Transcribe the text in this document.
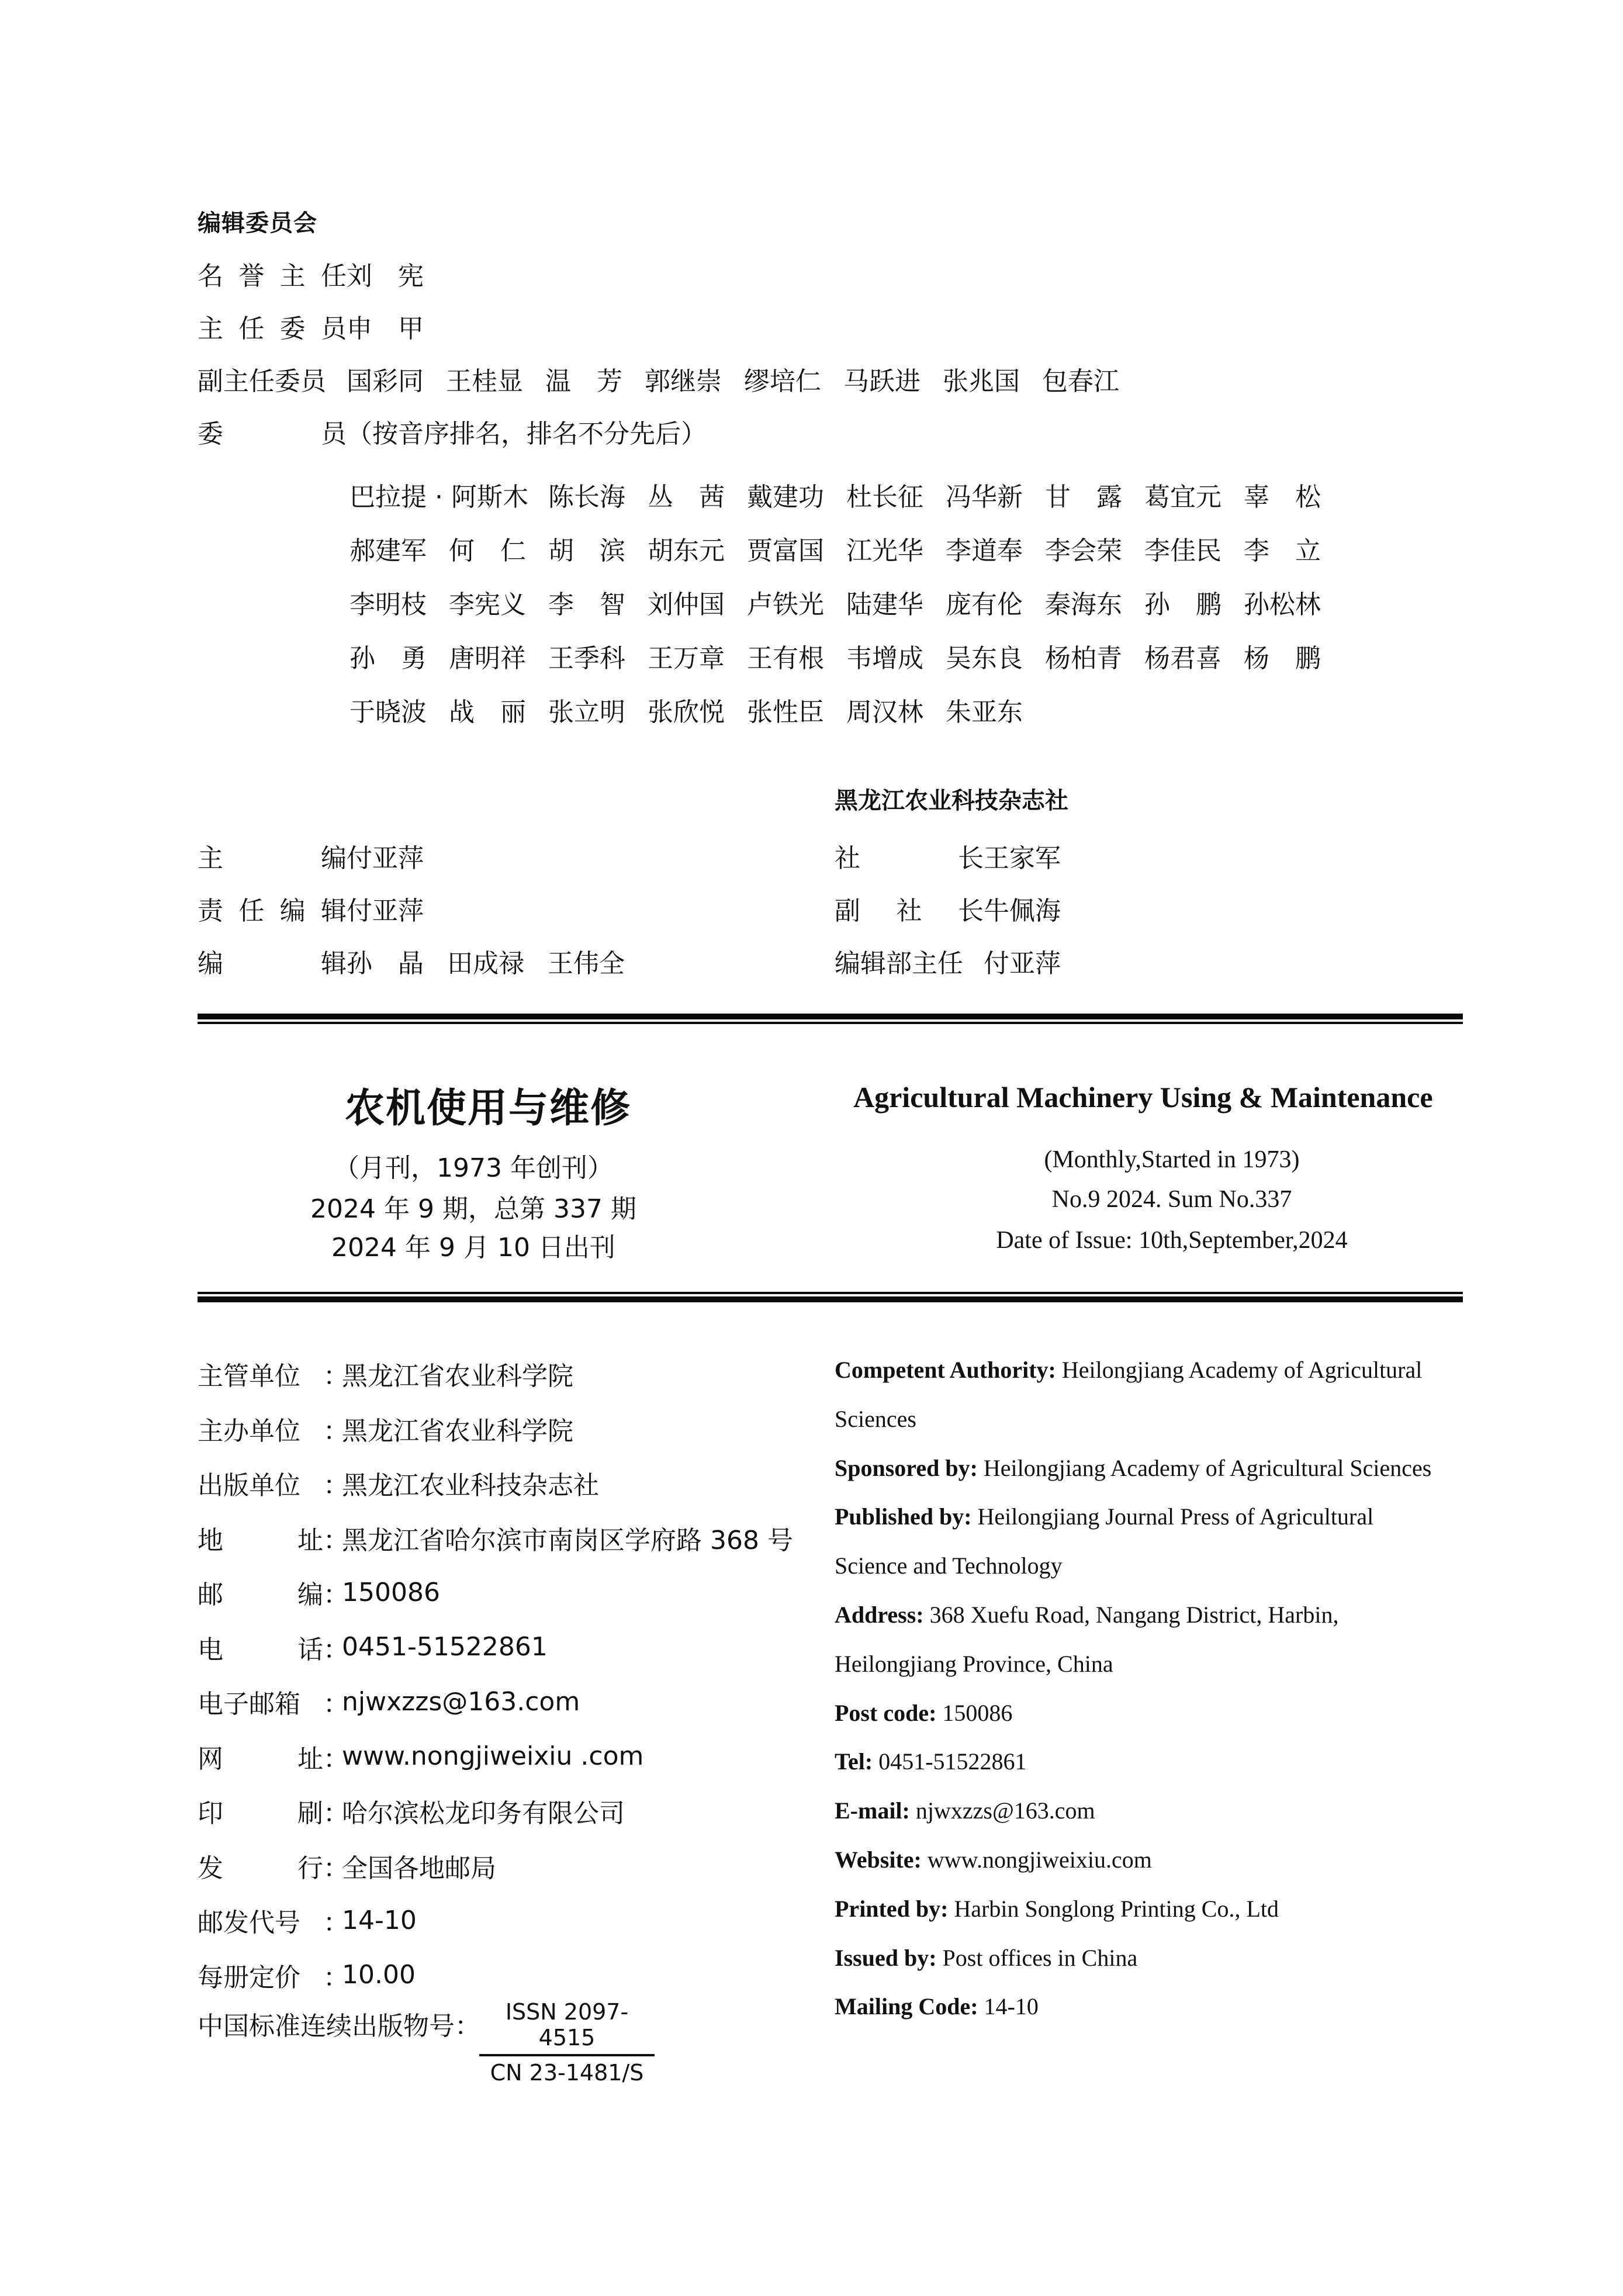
编辑委员会
名 誉 主 任 刘　宪
主 任 委 员 申　甲
副主任委员 国彩同 王桂显 温　芳 郭继崇 缪培仁 马跃进 张兆国 包春江
委	员 （按音序排名，排名不分先后）
巴拉提 · 阿斯木 陈长海 丛　茜 戴建功 杜长征 冯华新 甘　露 葛宜元 辜　松
郝建军 何　仁 胡　滨 胡东元 贾富国 江光华 李道奉 李会荣 李佳民 李　立
李明枝 李宪义 李　智 刘仲国 卢铁光 陆建华 庞有伦 秦海东 孙　鹏 孙松林
孙　勇 唐明祥 王季科 王万章 王有根 韦增成 吴东良 杨柏青 杨君喜 杨　鹏
于晓波 战　丽 张立明 张欣悦 张性臣 周汉林 朱亚东
主	编 付亚萍
责 任 编 辑 付亚萍
编	辑 孙　晶 田成禄 王伟全
黑龙江农业科技杂志社
社	长 王家军
副 社 长 牛佩海
编辑部主任 付亚萍
农机使用与维修
（月刊，1973 年创刊）
2024 年 9 期，总第 337 期
2024 年 9 月 10 日出刊
Agricultural Machinery Using & Maintenance
(Monthly,Started in 1973)
No.9 2024. Sum No.337
Date of Issue: 10th,September,2024
主管单位 ：
黑龙江省农业科学院
主办单位 ：
黑龙江省农业科学院
出版单位 ：
黑龙江农业科技杂志社
地	址 ：
黑龙江省哈尔滨市南岗区学府路 368 号
邮	编 ：
150086
电	话 ：
0451-51522861
电子邮箱 ：
njwxzzs@163.com
网	址 ：
www.nongjiweixiu .com
印	刷 ：
哈尔滨松龙印务有限公司
发	行 ：
全国各地邮局
邮发代号 ：
14-10
每册定价 ：
10.00
中国标准连续出版物号：	ISSN 2097-4515
CN 23-1481/S
Competent Authority: Heilongjiang Academy of Agricultural
Sciences
Sponsored by: Heilongjiang Academy of Agricultural Sciences
Published by: Heilongjiang Journal Press of Agricultural
Science and Technology
Address: 368 Xuefu Road, Nangang District, Harbin,
Heilongjiang Province, China
Post code: 150086
Tel: 0451-51522861
E-mail: njwxzzs@163.com
Website: www.nongjiweixiu.com
Printed by: Harbin Songlong Printing Co., Ltd
Issued by: Post offices in China
Mailing Code: 14-10
